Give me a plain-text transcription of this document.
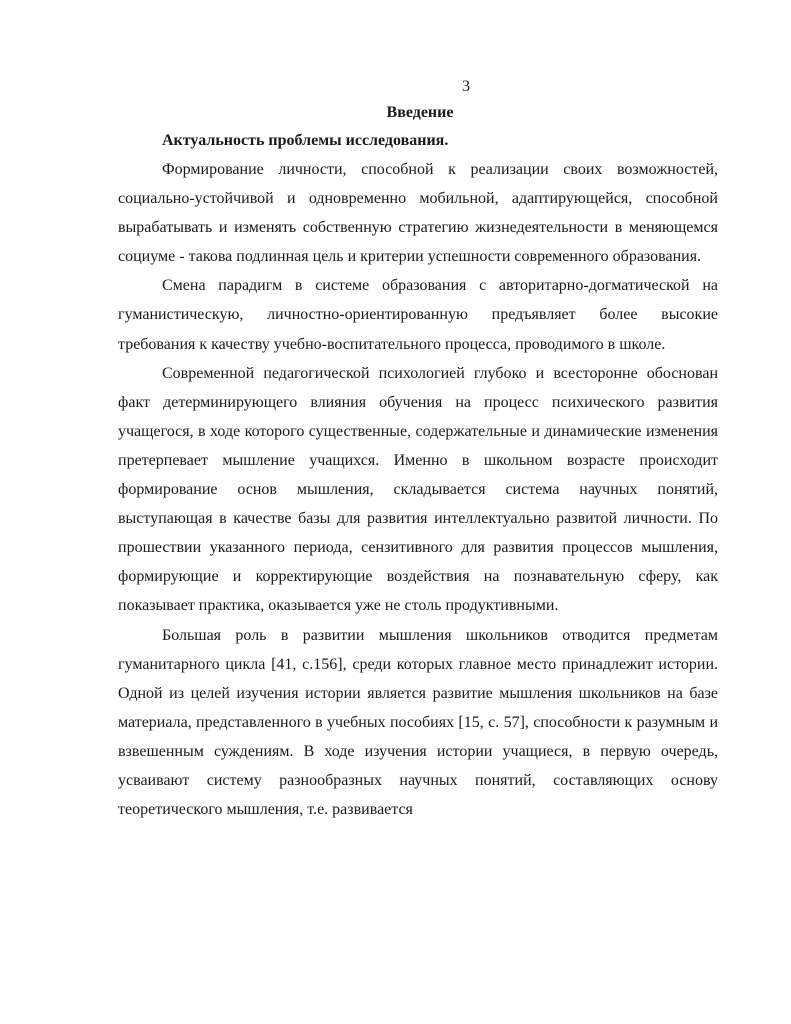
3
Введение
Актуальность проблемы исследования.

Формирование личности, способной к реализации своих возможностей, социально-устойчивой и одновременно мобильной, адаптирующейся, способной вырабатывать и изменять собственную стратегию жизнедеятельности в меняющемся социуме - такова подлинная цель и критерии успешности современного образования.

Смена парадигм в системе образования с авторитарно-догматической на гуманистическую, личностно-ориентированную предъявляет более высокие требования к качеству учебно-воспитательного процесса, проводимого в школе.

Современной педагогической психологией глубоко и всесторонне обоснован факт детерминирующего влияния обучения на процесс психического развития учащегося, в ходе которого существенные, содержательные и динамические изменения претерпевает мышление учащихся. Именно в школьном возрасте происходит формирование основ мышления, складывается система научных понятий, выступающая в качестве базы для развития интеллектуально развитой личности. По прошествии указанного периода, сензитивного для развития процессов мышления, формирующие и корректирующие воздействия на познавательную сферу, как показывает практика, оказывается уже не столь продуктивными.

Большая роль в развитии мышления школьников отводится предметам гуманитарного цикла [41, с.156], среди которых главное место принадлежит истории. Одной из целей изучения истории является развитие мышления школьников на базе материала, представленного в учебных пособиях [15, с. 57], способности к разумным и взвешенным суждениям. В ходе изучения истории учащиеся, в первую очередь, усваивают систему разнообразных научных понятий, составляющих основу теоретического мышления, т.е. развивается
